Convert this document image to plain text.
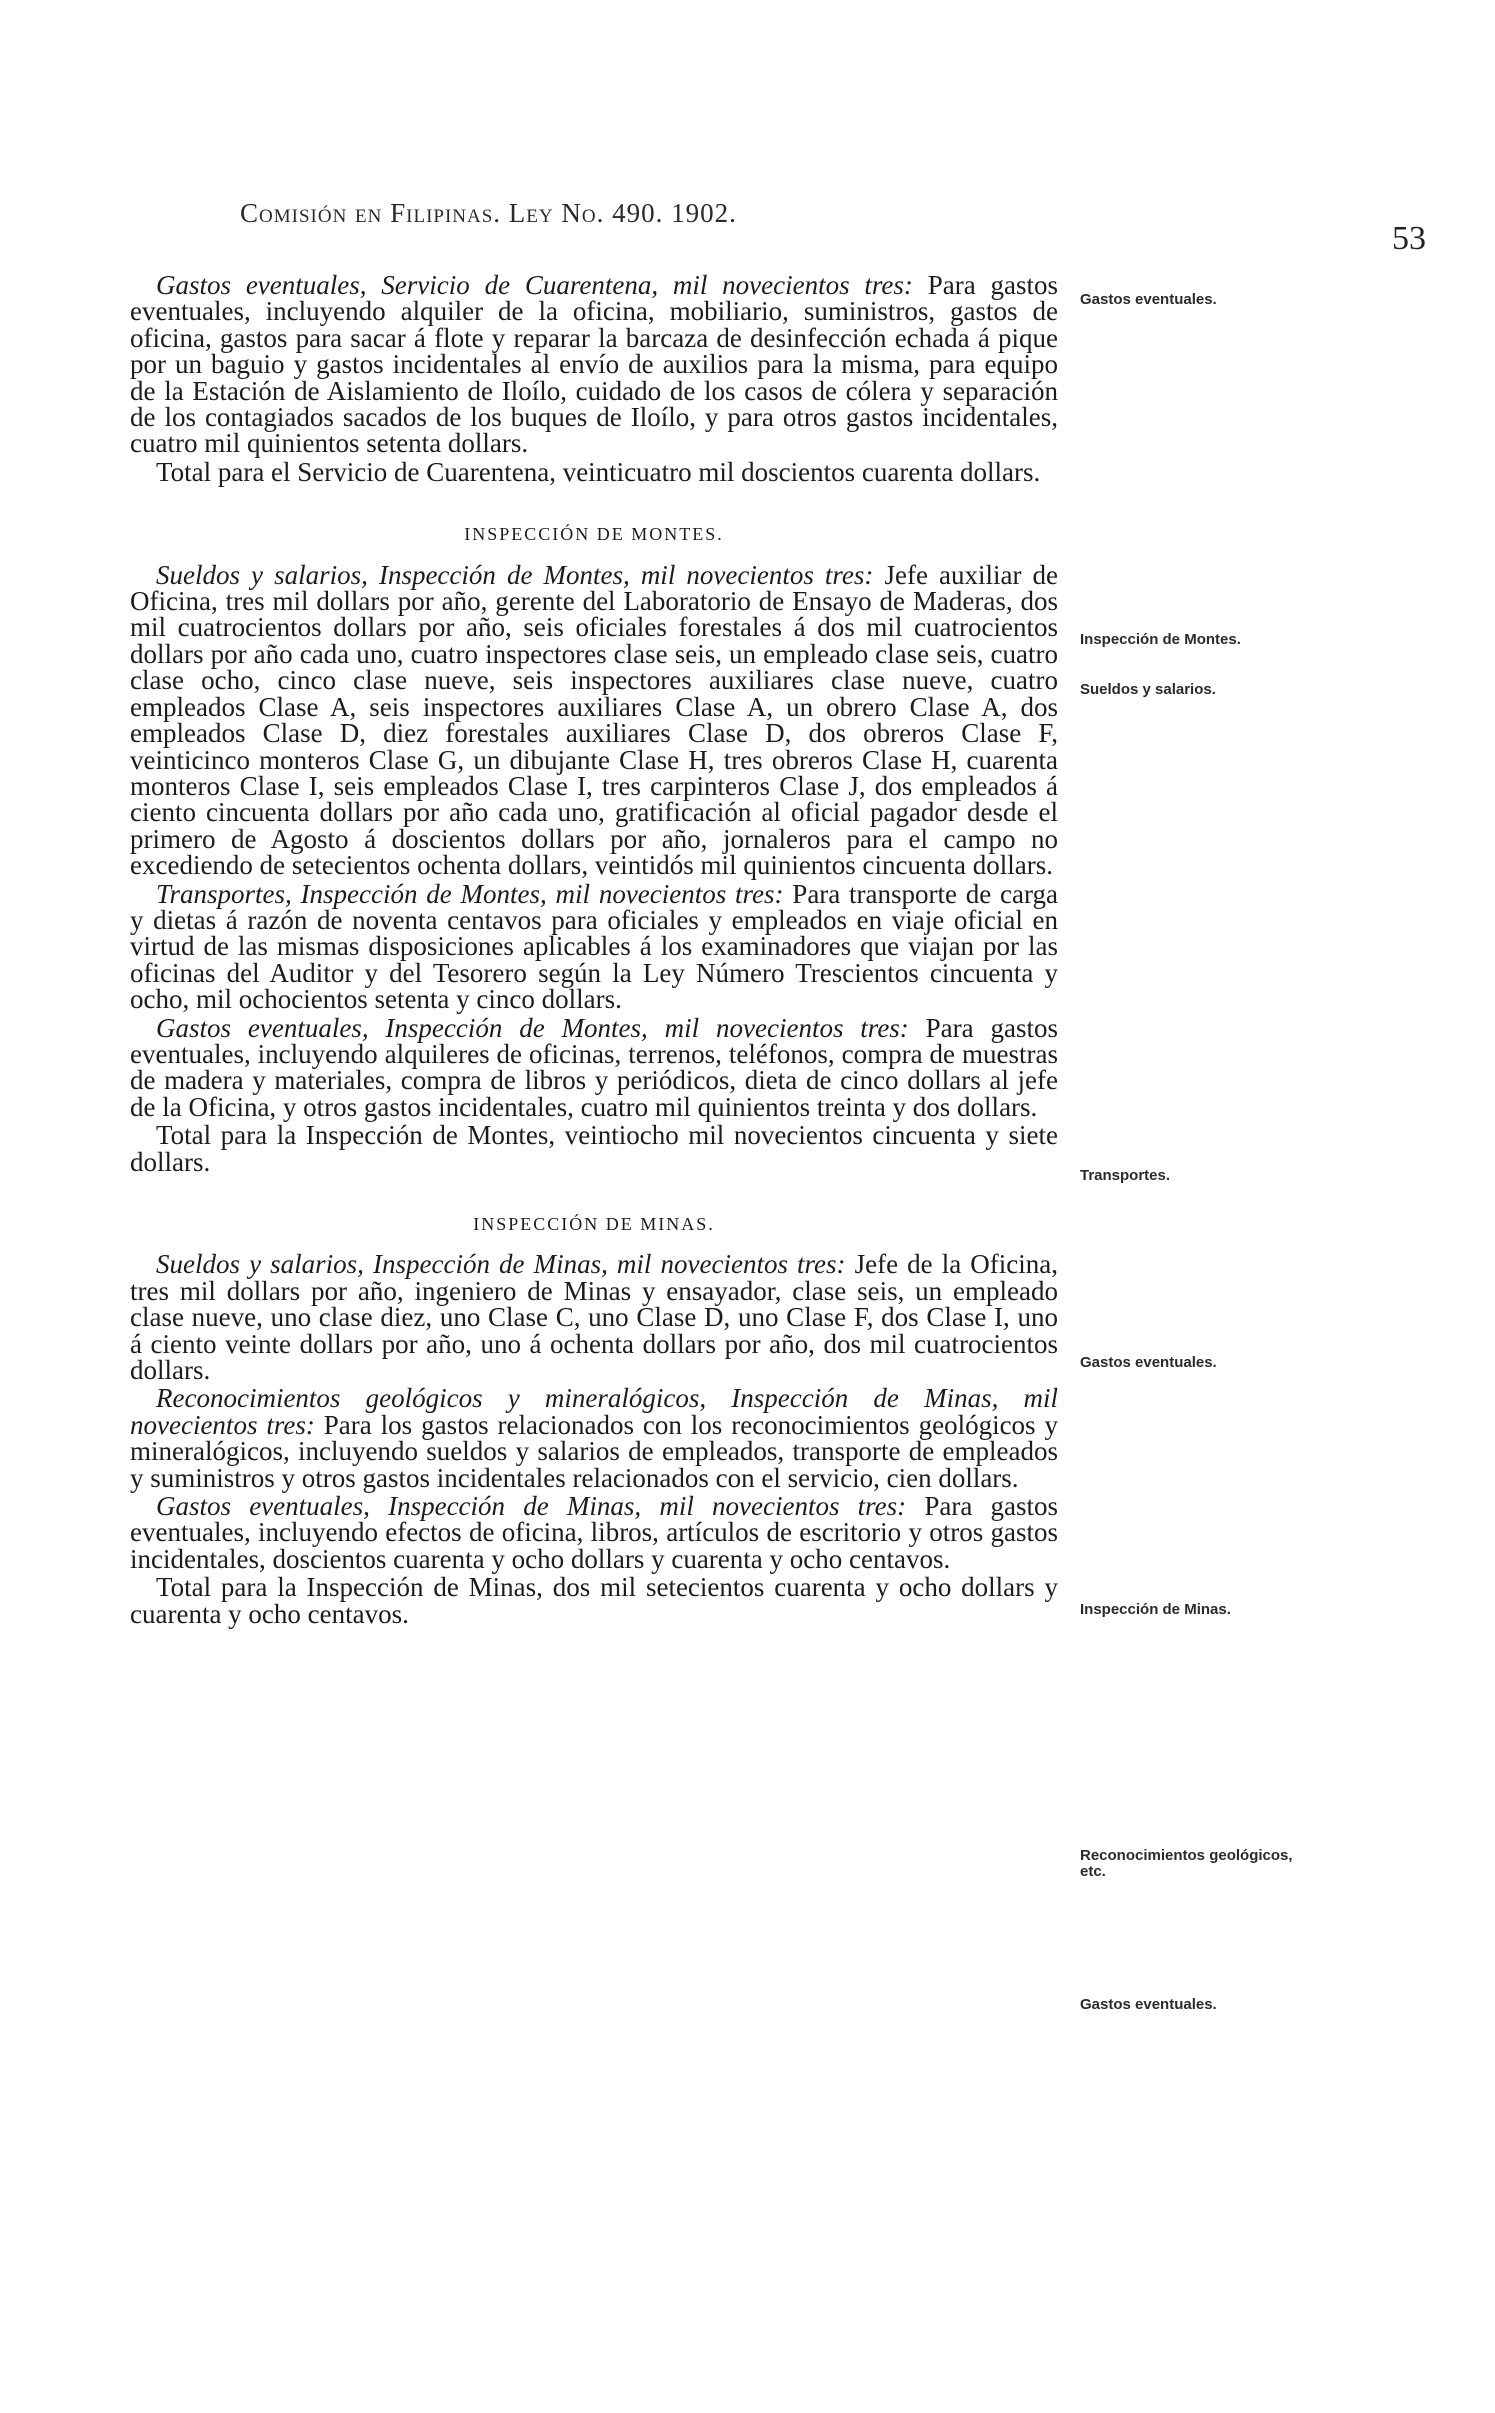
Comisión en Filipinas. Ley No. 490. 1902.
53

Gastos eventuales, Servicio de Cuarentena, mil novecientos tres: Para gastos eventuales, incluyendo alquiler de la oficina, mobiliario, suministros, gastos de oficina, gastos para sacar á flote y reparar la barcaza de desinfección echada á pique por un baguio y gastos incidentales al envío de auxilios para la misma, para equipo de la Estación de Aislamiento de Iloílo, cuidado de los casos de cólera y separación de los contagiados sacados de los buques de Iloílo, y para otros gastos incidentales, cuatro mil quinientos setenta dollars.

Total para el Servicio de Cuarentena, veinticuatro mil doscientos cuarenta dollars.

INSPECCIÓN DE MONTES.

Sueldos y salarios, Inspección de Montes, mil novecientos tres: Jefe auxiliar de Oficina, tres mil dollars por año, gerente del Laboratorio de Ensayo de Maderas, dos mil cuatrocientos dollars por año, seis oficiales forestales á dos mil cuatrocientos dollars por año cada uno, cuatro inspectores clase seis, un empleado clase seis, cuatro clase ocho, cinco clase nueve, seis inspectores auxiliares clase nueve, cuatro empleados Clase A, seis inspectores auxiliares Clase A, un obrero Clase A, dos empleados Clase D, diez forestales auxiliares Clase D, dos obreros Clase F, veinticinco monteros Clase G, un dibujante Clase H, tres obreros Clase H, cuarenta monteros Clase I, seis empleados Clase I, tres carpinteros Clase J, dos empleados á ciento cincuenta dollars por año cada uno, gratificación al oficial pagador desde el primero de Agosto á doscientos dollars por año, jornaleros para el campo no excediendo de setecientos ochenta dollars, veintidós mil quinientos cincuenta dollars.

Transportes, Inspección de Montes, mil novecientos tres: Para transporte de carga y dietas á razón de noventa centavos para oficiales y empleados en viaje oficial en virtud de las mismas disposiciones aplicables á los examinadores que viajan por las oficinas del Auditor y del Tesorero según la Ley Número Trescientos cincuenta y ocho, mil ochocientos setenta y cinco dollars.

Gastos eventuales, Inspección de Montes, mil novecientos tres: Para gastos eventuales, incluyendo alquileres de oficinas, terrenos, teléfonos, compra de muestras de madera y materiales, compra de libros y periódicos, dieta de cinco dollars al jefe de la Oficina, y otros gastos incidentales, cuatro mil quinientos treinta y dos dollars.

Total para la Inspección de Montes, veintiocho mil novecientos cincuenta y siete dollars.

INSPECCIÓN DE MINAS.

Sueldos y salarios, Inspección de Minas, mil novecientos tres: Jefe de la Oficina, tres mil dollars por año, ingeniero de Minas y ensayador, clase seis, un empleado clase nueve, uno clase diez, uno Clase C, uno Clase D, uno Clase F, dos Clase I, uno á ciento veinte dollars por año, uno á ochenta dollars por año, dos mil cuatrocientos dollars.

Reconocimientos geológicos y mineralógicos, Inspección de Minas, mil novecientos tres: Para los gastos relacionados con los reconocimientos geológicos y mineralógicos, incluyendo sueldos y salarios de empleados, transporte de empleados y suministros y otros gastos incidentales relacionados con el servicio, cien dollars.

Gastos eventuales, Inspección de Minas, mil novecientos tres: Para gastos eventuales, incluyendo efectos de oficina, libros, artículos de escritorio y otros gastos incidentales, doscientos cuarenta y ocho dollars y cuarenta y ocho centavos.

Total para la Inspección de Minas, dos mil setecientos cuarenta y ocho dollars y cuarenta y ocho centavos.

Gastos eventuales.
Inspección de Montes.
Sueldos y salarios.
Transportes.
Gastos eventuales.
Inspección de Minas.
Reconocimientos geológicos, etc.
Gastos eventuales.
